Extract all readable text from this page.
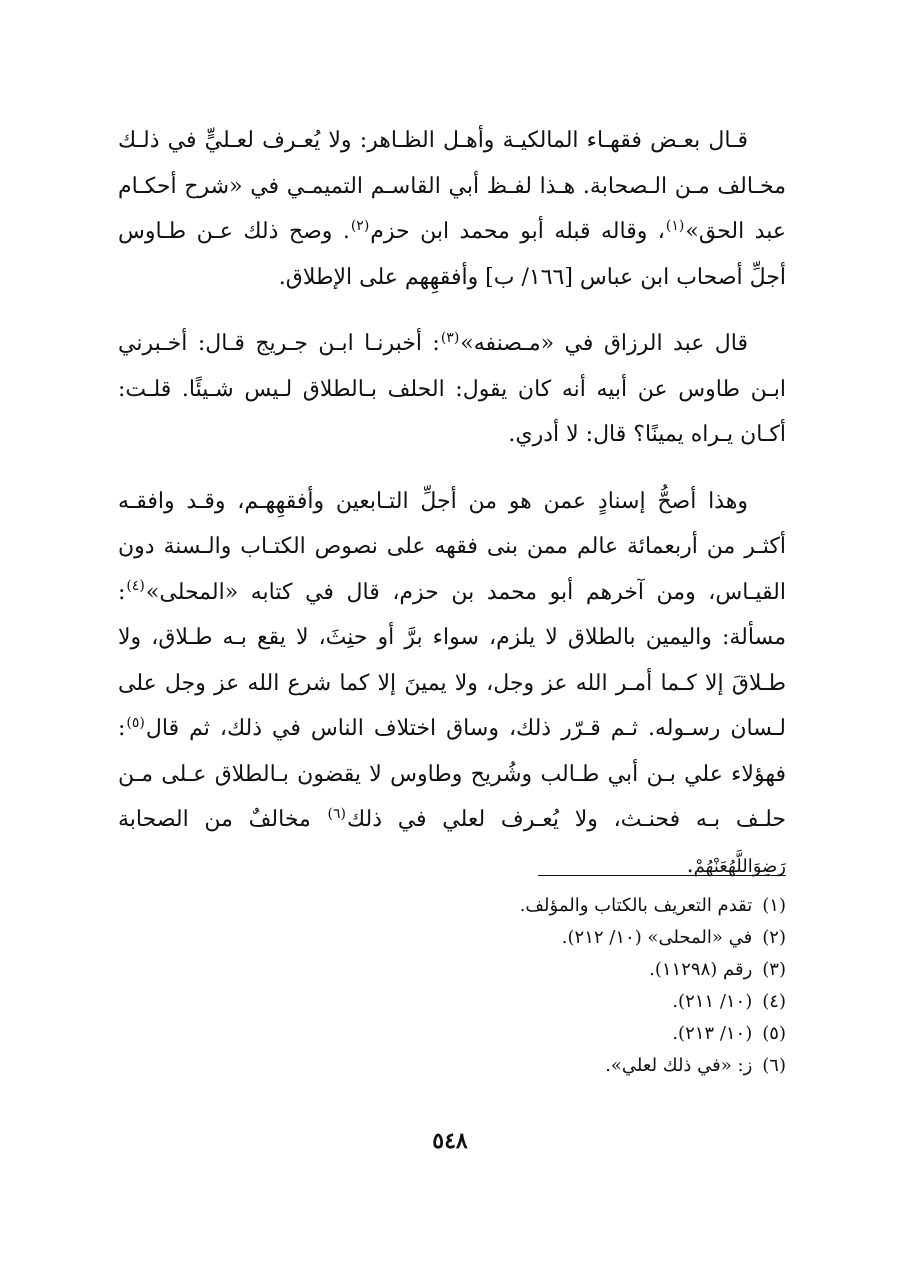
قـال بعـض فقهـاء المالكيـة وأهـل الظـاهر: ولا يُعـرف لعـليٍّ في ذلـك مخـالف مـن الـصحابة. هـذا لفـظ أبي القاسـم التميمـي في «شرح أحكـام عبد الحق»$^{(١)}$، وقاله قبله أبو محمد ابن حزم$^{(٢)}$. وصح ذلك عـن طـاوس أجلِّ أصحاب ابن عباس [١٦٦/ ب] وأفقهِهم على الإطلاق.

قال عبد الرزاق في «مـصنفه»$^{(٣)}$: أخبرنـا ابـن جـريج قـال: أخـبرني ابـن طاوس عن أبيه أنه كان يقول: الحلف بـالطلاق لـيس شـيئًا. قلـت: أكـان يـراه يمينًا؟ قال: لا أدري.

وهذا أصحُّ إسنادٍ عمن هو من أجلِّ التـابعين وأفقهِهـم، وقـد وافقـه أكثـر من أربعمائة عالم ممن بنى فقهه على نصوص الكتـاب والـسنة دون القيـاس، ومن آخرهم أبو محمد بن حزم، قال في كتابه «المحلى»$^{(٤)}$: مسألة: واليمين بالطلاق لا يلزم، سواء برَّ أو حنِثَ، لا يقع بـه طـلاق، ولا طـلاقَ إلا كـما أمـر الله عز وجل، ولا يمينَ إلا كما شرع الله عز وجل على لـسان رسـوله. ثـم قـرّر ذلك، وساق اختلاف الناس في ذلك، ثم قال$^{(٥)}$: فهؤلاء علي بـن أبي طـالب وشُريح وطاوس لا يقضون بـالطلاق عـلى مـن حلـف بـه فحنـث، ولا يُعـرف لعلي في ذلك$^{(٦)}$ مخالفٌ من الصحابة رَضِوَاللَّهُعَنْهُمْ.

(١)تقدم التعريف بالكتاب والمؤلف.
(٢)في «المحلى» (١٠/ ٢١٢).
(٣)رقم (١١٢٩٨).
(٤)(١٠/ ٢١١).
(٥)(١٠/ ٢١٣).
(٦)ز: «في ذلك لعلي».
٥٤٨
